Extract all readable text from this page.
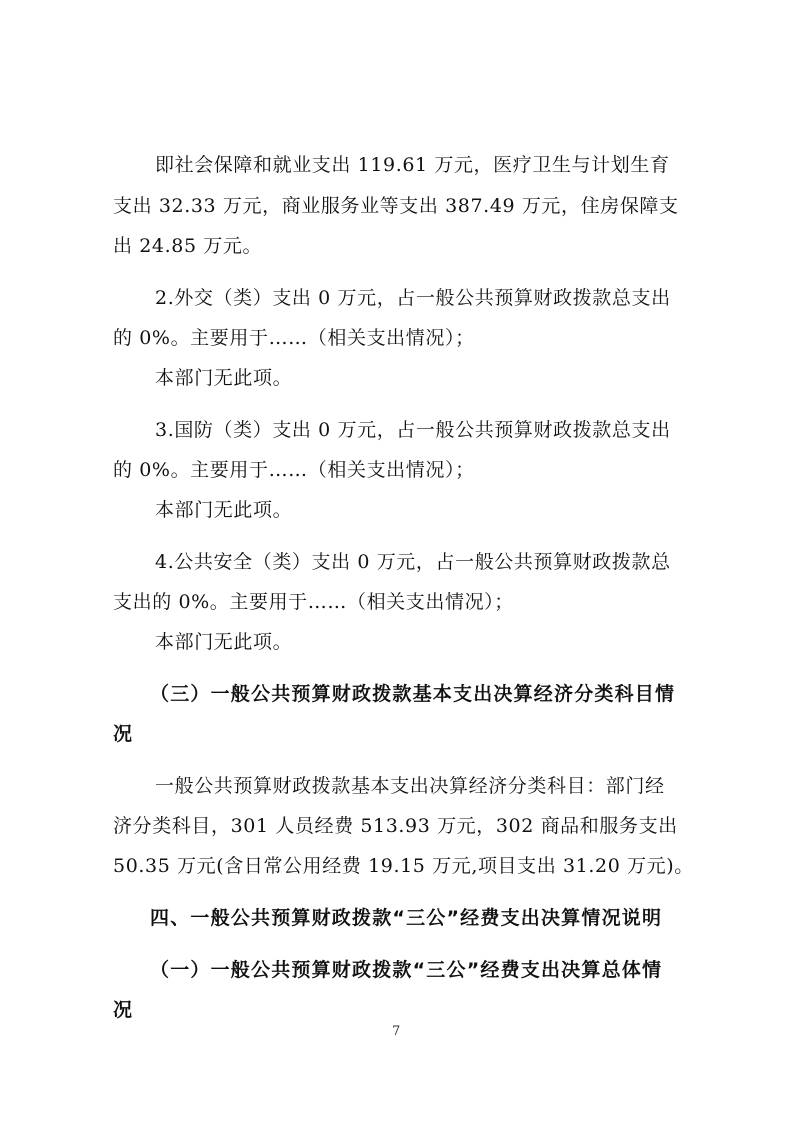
即社会保障和就业支出 119.61 万元，医疗卫生与计划生育
支出 32.33 万元，商业服务业等支出 387.49 万元，住房保障支
出 24.85 万元。
2.外交（类）支出 0 万元，占一般公共预算财政拨款总支出
的 0%。主要用于……（相关支出情况）；
本部门无此项。
3.国防（类）支出 0 万元，占一般公共预算财政拨款总支出
的 0%。主要用于……（相关支出情况）；
本部门无此项。
4.公共安全（类）支出 0 万元，占一般公共预算财政拨款总
支出的 0%。主要用于……（相关支出情况）；
本部门无此项。
（三）一般公共预算财政拨款基本支出决算经济分类科目情
况
一般公共预算财政拨款基本支出决算经济分类科目：部门经
济分类科目，301 人员经费 513.93 万元，302 商品和服务支出
50.35 万元(含日常公用经费 19.15 万元,项目支出 31.20 万元)。
四、一般公共预算财政拨款“三公”经费支出决算情况说明
（一）一般公共预算财政拨款“三公”经费支出决算总体情
况
7
